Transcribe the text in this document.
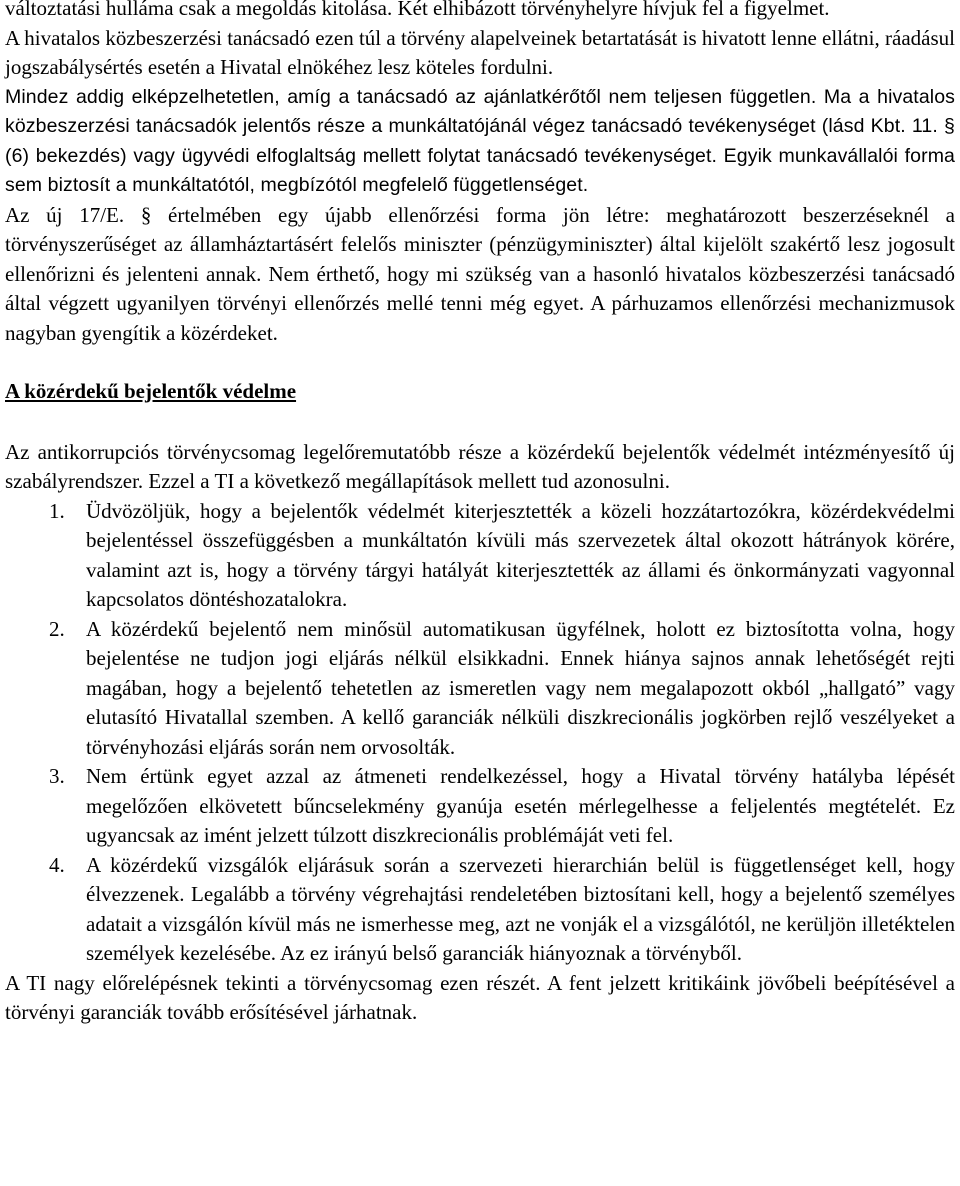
változtatási hulláma csak a megoldás kitolása. Két elhibázott törvényhelyre hívjuk fel a figyelmet.

A hivatalos közbeszerzési tanácsadó ezen túl a törvény alapelveinek betartatását is hivatott lenne ellátni, ráadásul jogszabálysértés esetén a Hivatal elnökéhez lesz köteles fordulni.

Mindez addig elképzelhetetlen, amíg a tanácsadó az ajánlatkérőtől nem teljesen független. Ma a hivatalos közbeszerzési tanácsadók jelentős része a munkáltatójánál végez tanácsadó tevékenységet (lásd Kbt. 11. § (6) bekezdés) vagy ügyvédi elfoglaltság mellett folytat tanácsadó tevékenységet. Egyik munkavállalói forma sem biztosít a munkáltatótól, megbízótól megfelelő függetlenséget.

Az új 17/E. § értelmében egy újabb ellenőrzési forma jön létre: meghatározott beszerzéseknél a törvényszerűséget az államháztartásért felelős miniszter (pénzügyminiszter) által kijelölt szakértő lesz jogosult ellenőrizni és jelenteni annak. Nem érthető, hogy mi szükség van a hasonló hivatalos közbeszerzési tanácsadó által végzett ugyanilyen törvényi ellenőrzés mellé tenni még egyet. A párhuzamos ellenőrzési mechanizmusok nagyban gyengítik a közérdeket.

A közérdekű bejelentők védelme

Az antikorrupciós törvénycsomag legelőremutatóbb része a közérdekű bejelentők védelmét intézményesítő új szabályrendszer. Ezzel a TI a következő megállapítások mellett tud azonosulni.

1. Üdvözöljük, hogy a bejelentők védelmét kiterjesztették a közeli hozzátartozókra, közérdekvédelmi bejelentéssel összefüggésben a munkáltatón kívüli más szervezetek által okozott hátrányok körére, valamint azt is, hogy a törvény tárgyi hatályát kiterjesztették az állami és önkormányzati vagyonnal kapcsolatos döntéshozatalokra.
2. A közérdekű bejelentő nem minősül automatikusan ügyfélnek, holott ez biztosította volna, hogy bejelentése ne tudjon jogi eljárás nélkül elsikkadni. Ennek hiánya sajnos annak lehetőségét rejti magában, hogy a bejelentő tehetetlen az ismeretlen vagy nem megalapozott okból „hallgató” vagy elutasító Hivatallal szemben. A kellő garanciák nélküli diszkrecionális jogkörben rejlő veszélyeket a törvényhozási eljárás során nem orvosolták.
3. Nem értünk egyet azzal az átmeneti rendelkezéssel, hogy a Hivatal törvény hatályba lépését megelőzően elkövetett bűncselekmény gyanúja esetén mérlegelhesse a feljelentés megtételét. Ez ugyancsak az imént jelzett túlzott diszkrecionális problémáját veti fel.
4. A közérdekű vizsgálók eljárásuk során a szervezeti hierarchián belül is függetlenséget kell, hogy élvezzenek. Legalább a törvény végrehajtási rendeletében biztosítani kell, hogy a bejelentő személyes adatait a vizsgálón kívül más ne ismerhesse meg, azt ne vonják el a vizsgálótól, ne kerüljön illetéktelen személyek kezelésébe. Az ez irányú belső garanciák hiányoznak a törvényből.

A TI nagy előrelépésnek tekinti a törvénycsomag ezen részét. A fent jelzett kritikáink jövőbeli beépítésével a törvényi garanciák tovább erősítésével járhatnak.
